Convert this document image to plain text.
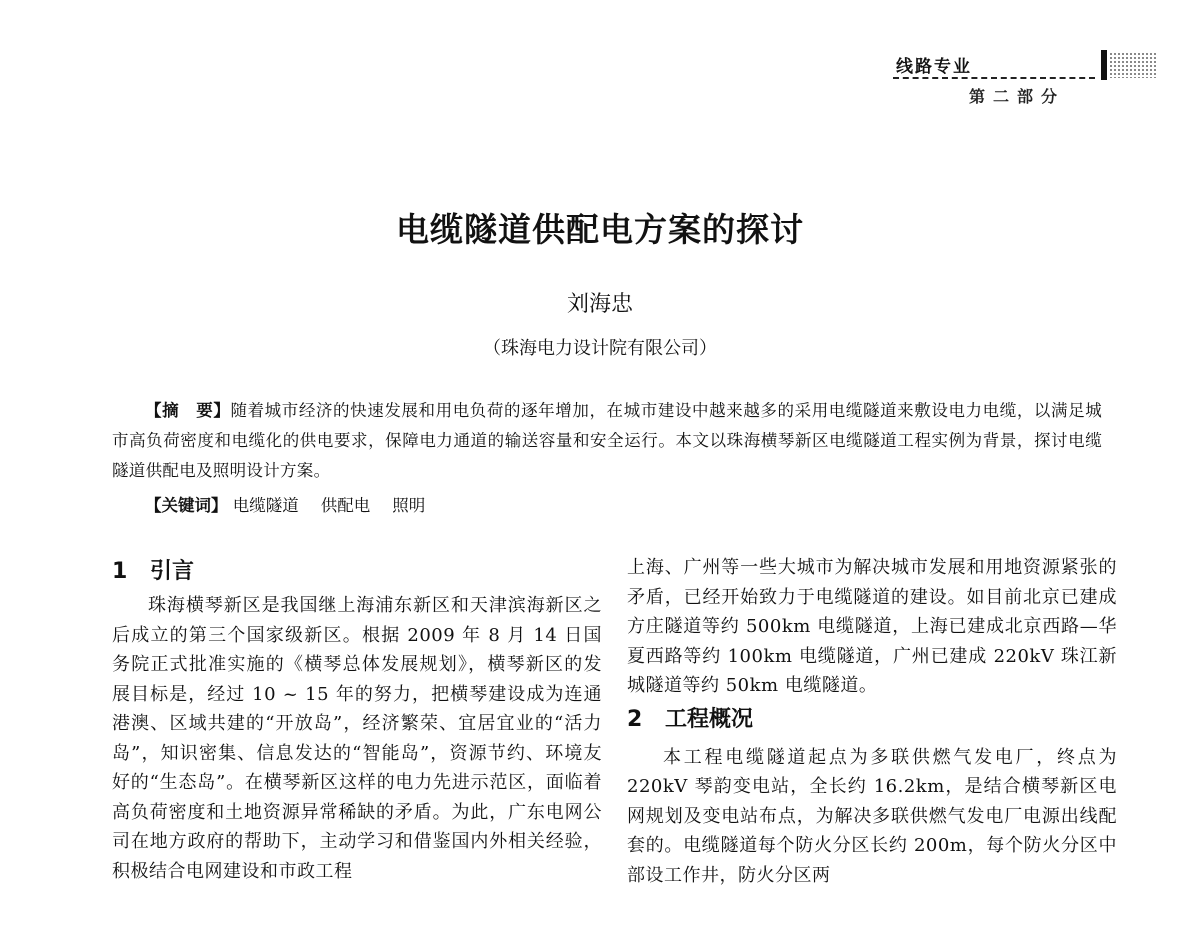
线路专业
第二部分
电缆隧道供配电方案的探讨
刘海忠
（珠海电力设计院有限公司）

【摘　要】随着城市经济的快速发展和用电负荷的逐年增加，在城市建设中越来越多的采用电缆隧道来敷设电力电缆，以满足城市高负荷密度和电缆化的供电要求，保障电力通道的输送容量和安全运行。本文以珠海横琴新区电缆隧道工程实例为背景，探讨电缆隧道供配电及照明设计方案。

【关键词】 电缆隧道 供配电 照明

1 引言

珠海横琴新区是我国继上海浦东新区和天津滨海新区之后成立的第三个国家级新区。根据 2009 年 8 月 14 日国务院正式批准实施的《横琴总体发展规划》，横琴新区的发展目标是，经过 10 ~ 15 年的努力，把横琴建设成为连通港澳、区域共建的“开放岛”，经济繁荣、宜居宜业的“活力岛”，知识密集、信息发达的“智能岛”，资源节约、环境友好的“生态岛”。在横琴新区这样的电力先进示范区，面临着高负荷密度和土地资源异常稀缺的矛盾。为此，广东电网公司在地方政府的帮助下，主动学习和借鉴国内外相关经验，积极结合电网建设和市政工程

上海、广州等一些大城市为解决城市发展和用地资源紧张的矛盾，已经开始致力于电缆隧道的建设。如目前北京已建成方庄隧道等约 500km 电缆隧道，上海已建成北京西路—华夏西路等约 100km 电缆隧道，广州已建成 220kV 珠江新城隧道等约 50km 电缆隧道。

2 工程概况

本工程电缆隧道起点为多联供燃气发电厂，终点为 220kV 琴韵变电站，全长约 16.2km，是结合横琴新区电网规划及变电站布点，为解决多联供燃气发电厂电源出线配套的。电缆隧道每个防火分区长约 200m，每个防火分区中部设工作井，防火分区两
